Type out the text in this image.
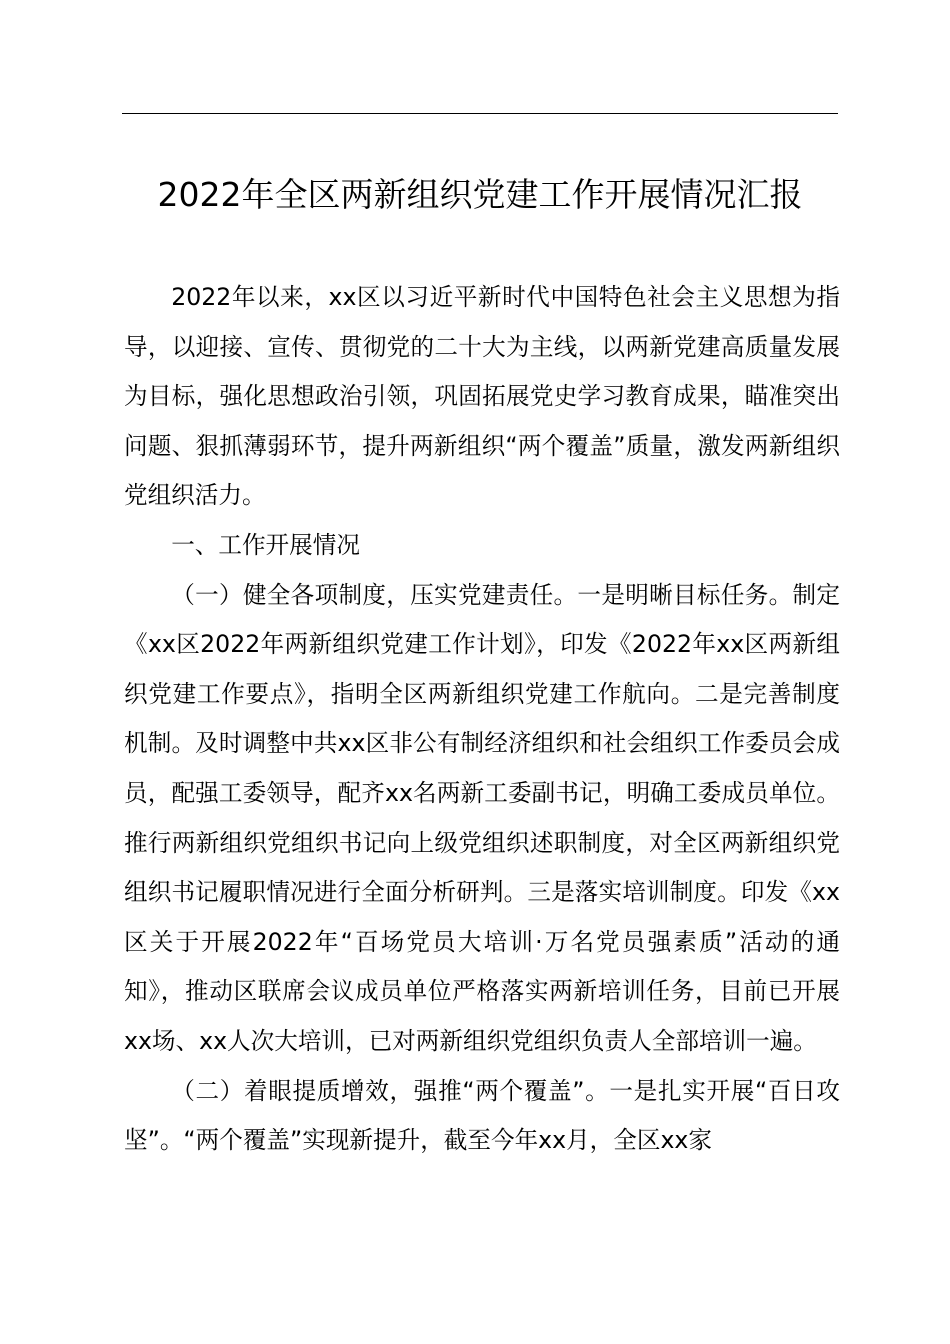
2022年全区两新组织党建工作开展情况汇报

2022年以来，xx区以习近平新时代中国特色社会主义思想为指导，以迎接、宣传、贯彻党的二十大为主线，以两新党建高质量发展为目标，强化思想政治引领，巩固拓展党史学习教育成果，瞄准突出问题、狠抓薄弱环节，提升两新组织“两个覆盖”质量，激发两新组织党组织活力。

一、工作开展情况

（一）健全各项制度，压实党建责任。一是明晰目标任务。制定《xx区2022年两新组织党建工作计划》，印发《2022年xx区两新组织党建工作要点》，指明全区两新组织党建工作航向。二是完善制度机制。及时调整中共xx区非公有制经济组织和社会组织工作委员会成员，配强工委领导，配齐xx名两新工委副书记，明确工委成员单位。推行两新组织党组织书记向上级党组织述职制度，对全区两新组织党组织书记履职情况进行全面分析研判。三是落实培训制度。印发《xx区关于开展2022年“百场党员大培训·万名党员强素质”活动的通知》，推动区联席会议成员单位严格落实两新培训任务，目前已开展xx场、xx人次大培训，已对两新组织党组织负责人全部培训一遍。

（二）着眼提质增效，强推“两个覆盖”。一是扎实开展“百日攻坚”。“两个覆盖”实现新提升，截至今年xx月，全区xx家
